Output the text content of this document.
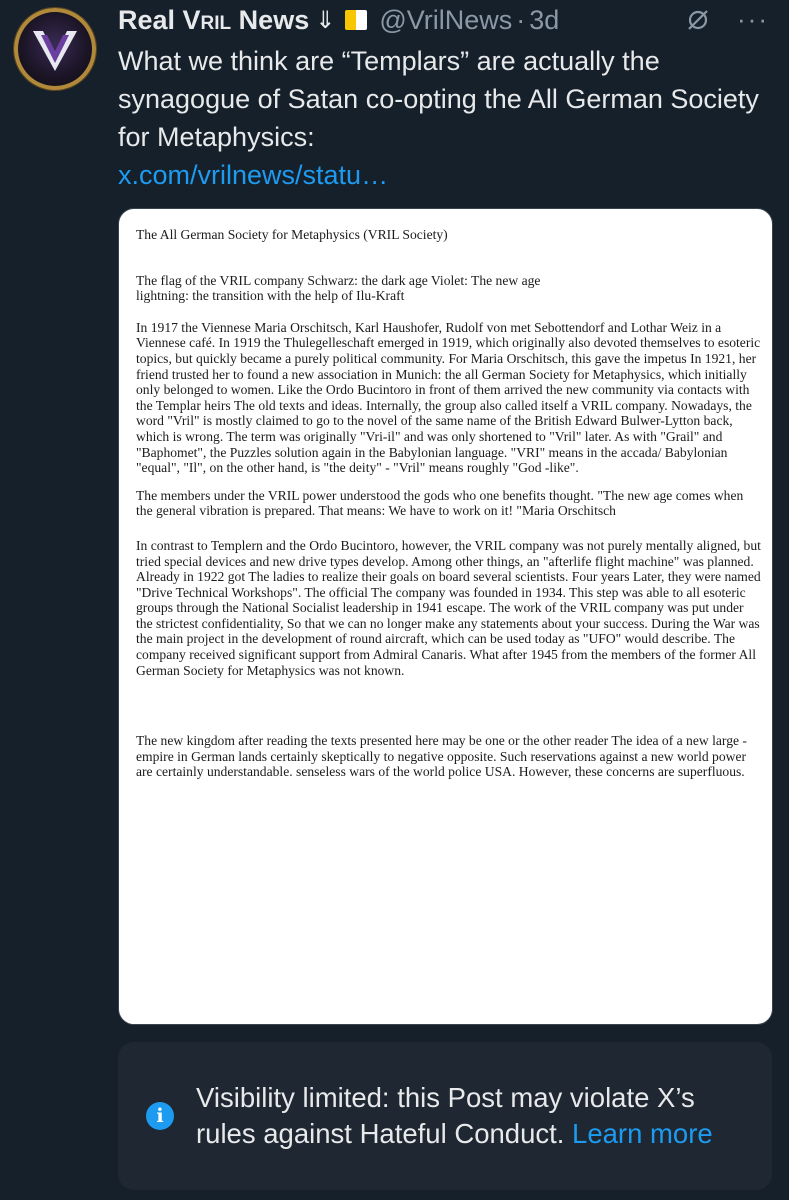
Real Vril News ⇓ @VrilNews · 3d	···
What we think are “Templars” are actually the synagogue of Satan co-opting the All German Society for Metaphysics:
x.com/vrilnews/statu…

The All German Society for Metaphysics (VRIL Society)

The flag of the VRIL company Schwarz: the dark age Violet: The new age

lightning: the transition with the help of Ilu-Kraft

In 1917 the Viennese Maria Orschitsch, Karl Haushofer, Rudolf von met Sebottendorf and Lothar Weiz in a Viennese café. In 1919 the Thulegelleschaft emerged in 1919, which originally also devoted themselves to esoteric topics, but quickly became a purely political community. For Maria Orschitsch, this gave the impetus In 1921, her friend trusted her to found a new association in Munich: the all German Society for Metaphysics, which initially only belonged to women. Like the Ordo Bucintoro in front of them arrived the new community via contacts with the Templar heirs The old texts and ideas. Internally, the group also called itself a VRIL company. Nowadays, the word "Vril" is mostly claimed to go to the novel of the same name of the British Edward Bulwer-Lytton back, which is wrong. The term was originally "Vri-il" and was only shortened to "Vril" later. As with "Grail" and "Baphomet", the Puzzles solution again in the Babylonian language. "VRI" means in the accada/ Babylonian "equal", "Il", on the other hand, is "the deity" - "Vril" means roughly "God -like".

The members under the VRIL power understood the gods who one benefits thought. "The new age comes when the general vibration is prepared. That means: We have to work on it! "Maria Orschitsch

In contrast to Templern and the Ordo Bucintoro, however, the VRIL company was not purely mentally aligned, but tried special devices and new drive types develop. Among other things, an "afterlife flight machine" was planned. Already in 1922 got The ladies to realize their goals on board several scientists. Four years Later, they were named "Drive Technical Workshops". The official The company was founded in 1934. This step was able to all esoteric groups through the National Socialist leadership in 1941 escape. The work of the VRIL company was put under the strictest confidentiality, So that we can no longer make any statements about your success. During the War was the main project in the development of round aircraft, which can be used today as "UFO" would describe. The company received significant support from Admiral Canaris. What after 1945 from the members of the former All German Society for Metaphysics was not known.

The new kingdom after reading the texts presented here may be one or the other reader The idea of a new large -empire in German lands certainly skeptically to negative opposite. Such reservations against a new world power are certainly understandable. senseless wars of the world police USA. However, these concerns are superfluous.

i
Visibility limited: this Post may violate X’s rules against Hateful Conduct. Learn more
